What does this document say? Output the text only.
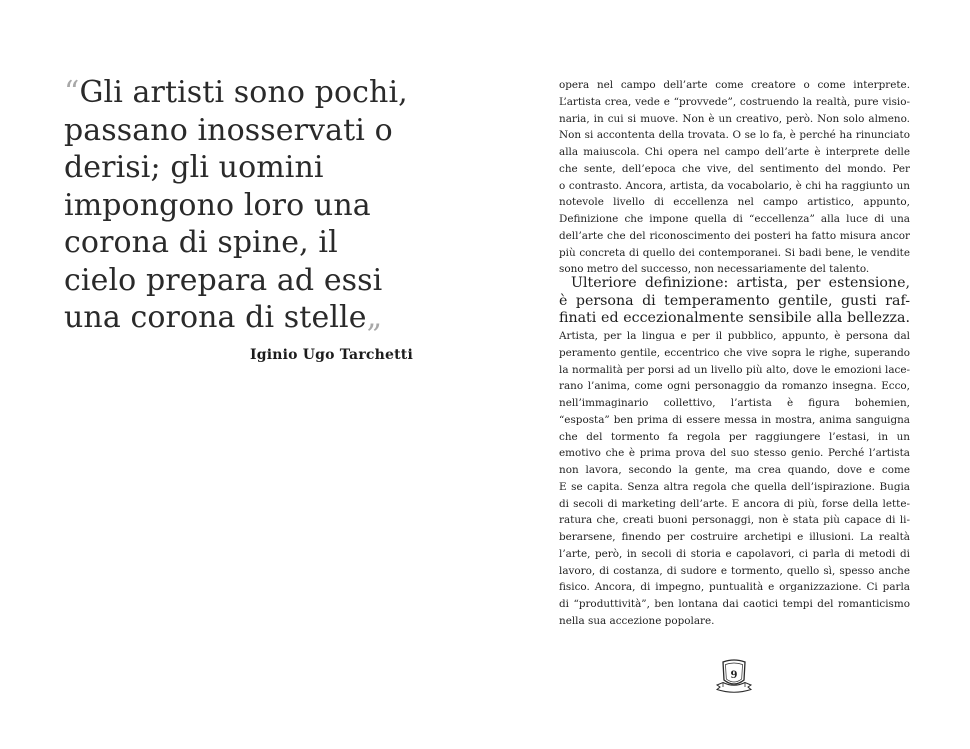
“Gli artisti sono pochi,
passano inosservati o
derisi; gli uomini
impongono loro una
corona di spine, il
cielo prepara ad essi
una corona di stelle„
Iginio Ugo Tarchetti
opera nel campo dell’arte come creatore o come interprete.
L’artista crea, vede e “provvede”, costruendo la realtà, pure visio-
naria, in cui si muove. Non è un creativo, però. Non solo almeno.
Non si accontenta della trovata. O se lo fa, è perché ha rinunciato
alla maiuscola. Chi opera nel campo dell’arte è interprete delle
che sente, dell’epoca che vive, del sentimento del mondo. Per
o contrasto. Ancora, artista, da vocabolario, è chi ha raggiunto un
notevole livello di eccellenza nel campo artistico, appunto,
Definizione che impone quella di “eccellenza” alla luce di una
dell’arte che del riconoscimento dei posteri ha fatto misura ancor
più concreta di quello dei contemporanei. Si badi bene, le vendite
sono metro del successo, non necessariamente del talento.
Ulteriore definizione: artista, per estensione,
è persona di temperamento gentile, gusti raf-
finati ed eccezionalmente sensibile alla bellezza.
Artista, per la lingua e per il pubblico, appunto, è persona dal
peramento gentile, eccentrico che vive sopra le righe, superando
la normalità per porsi ad un livello più alto, dove le emozioni lace-
rano l’anima, come ogni personaggio da romanzo insegna. Ecco,
nell’immaginario collettivo, l’artista è figura bohemien,
“esposta” ben prima di essere messa in mostra, anima sanguigna
che del tormento fa regola per raggiungere l’estasi, in un
emotivo che è prima prova del suo stesso genio. Perché l’artista
non lavora, secondo la gente, ma crea quando, dove e come
E se capita. Senza altra regola che quella dell’ispirazione. Bugia
di secoli di marketing dell’arte. E ancora di più, forse della lette-
ratura che, creati buoni personaggi, non è stata più capace di li-
berarsene, finendo per costruire archetipi e illusioni. La realtà
l’arte, però, in secoli di storia e capolavori, ci parla di metodi di
lavoro, di costanza, di sudore e tormento, quello sì, spesso anche
fisico. Ancora, di impegno, puntualità e organizzazione. Ci parla
di “produttività”, ben lontana dai caotici tempi del romanticismo
nella sua accezione popolare.
9
